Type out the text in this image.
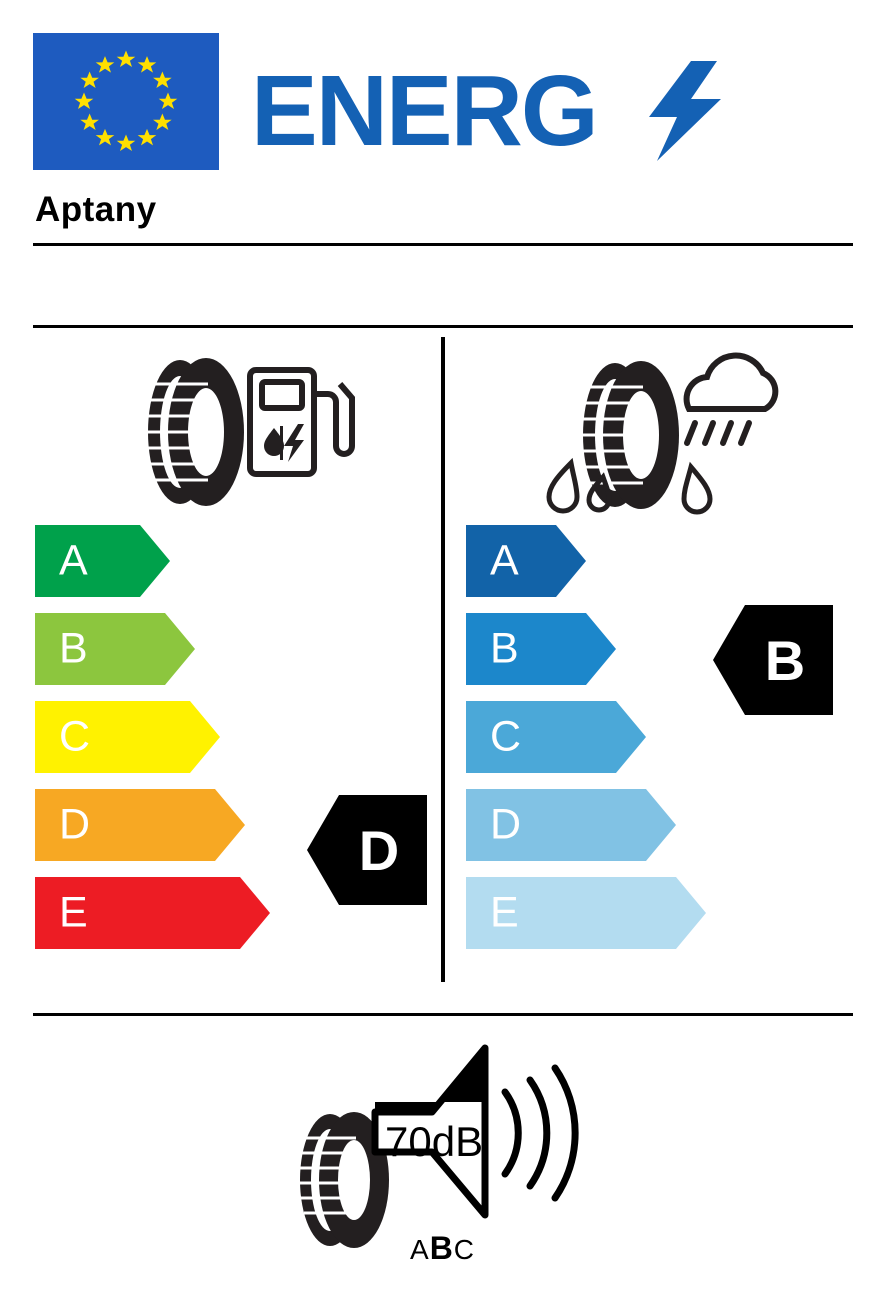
ENERG
Aptany
A
B
C
D
E
D
A
B
C
D
E
B
70dB
ABC
